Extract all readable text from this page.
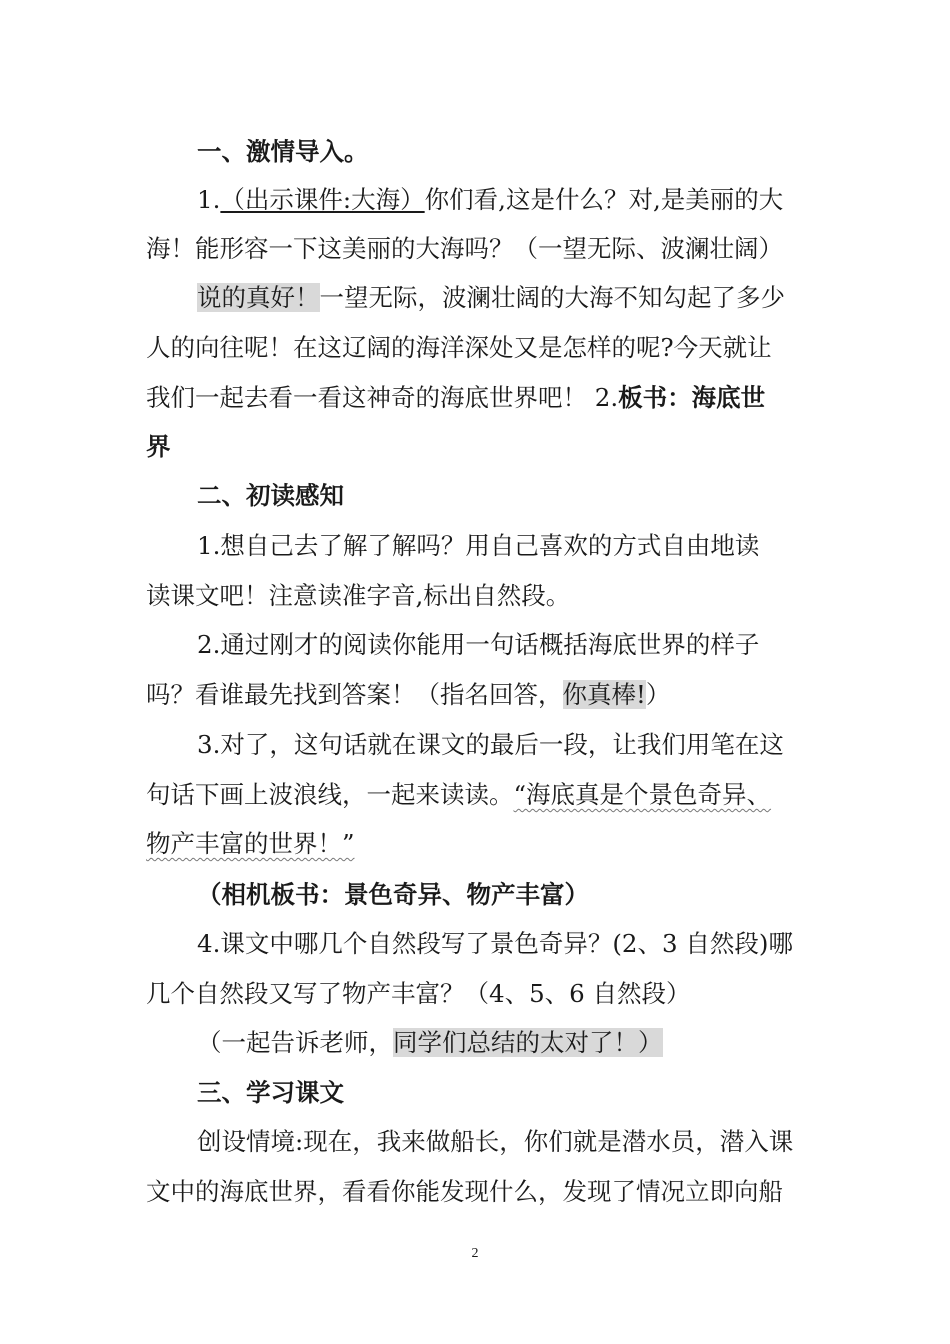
一、激情导入。
1.（出示课件:大海）你们看,这是什么？对,是美丽的大
海！能形容一下这美丽的大海吗？（一望无际、波澜壮阔）
说的真好！一望无际，波澜壮阔的大海不知勾起了多少
人的向往呢！在这辽阔的海洋深处又是怎样的呢?今天就让
我们一起去看一看这神奇的海底世界吧！ 2.板书：海底世
界
二、初读感知
1.想自己去了解了解吗？用自己喜欢的方式自由地读
读课文吧！注意读准字音,标出自然段。
2.通过刚才的阅读你能用一句话概括海底世界的样子
吗？看谁最先找到答案！（指名回答，你真棒!）
3.对了，这句话就在课文的最后一段，让我们用笔在这
句话下画上波浪线，一起来读读。“海底真是个景色奇异、
物产丰富的世界！”
（相机板书：景色奇异、物产丰富）
4.课文中哪几个自然段写了景色奇异？(2、3 自然段)哪
几个自然段又写了物产丰富？（4、5、6 自然段）
（一起告诉老师，同学们总结的太对了！）
三、学习课文
创设情境:现在，我来做船长，你们就是潜水员，潜入课
文中的海底世界，看看你能发现什么，发现了情况立即向船
2
